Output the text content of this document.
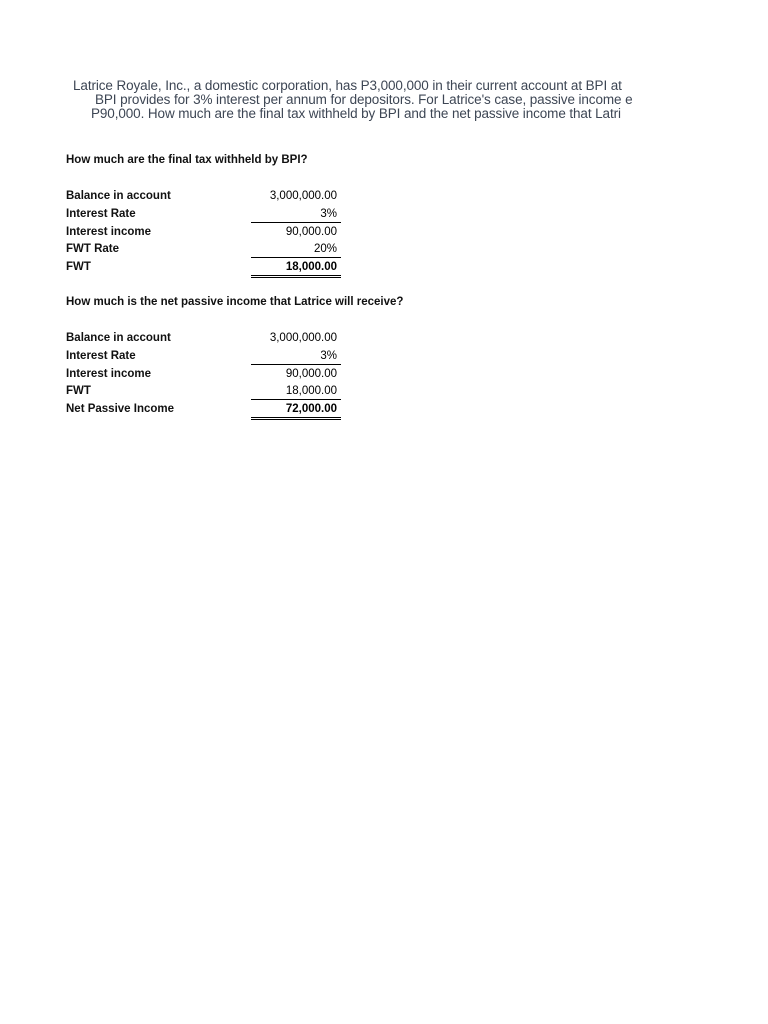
Latrice Royale, Inc., a domestic corporation, has P3,000,000 in their current account at BPI at
BPI provides for 3% interest per annum for depositors. For Latrice's case, passive income e
P90,000. How much are the final tax withheld by BPI and the net passive income that Latri
How much are the final tax withheld by BPI?
Balance in account	3,000,000.00
Interest Rate	3%
Interest income	90,000.00
FWT Rate	20%
FWT	18,000.00
How much is the net passive income that Latrice will receive?
Balance in account	3,000,000.00
Interest Rate	3%
Interest income	90,000.00
FWT	18,000.00
Net Passive Income	72,000.00
